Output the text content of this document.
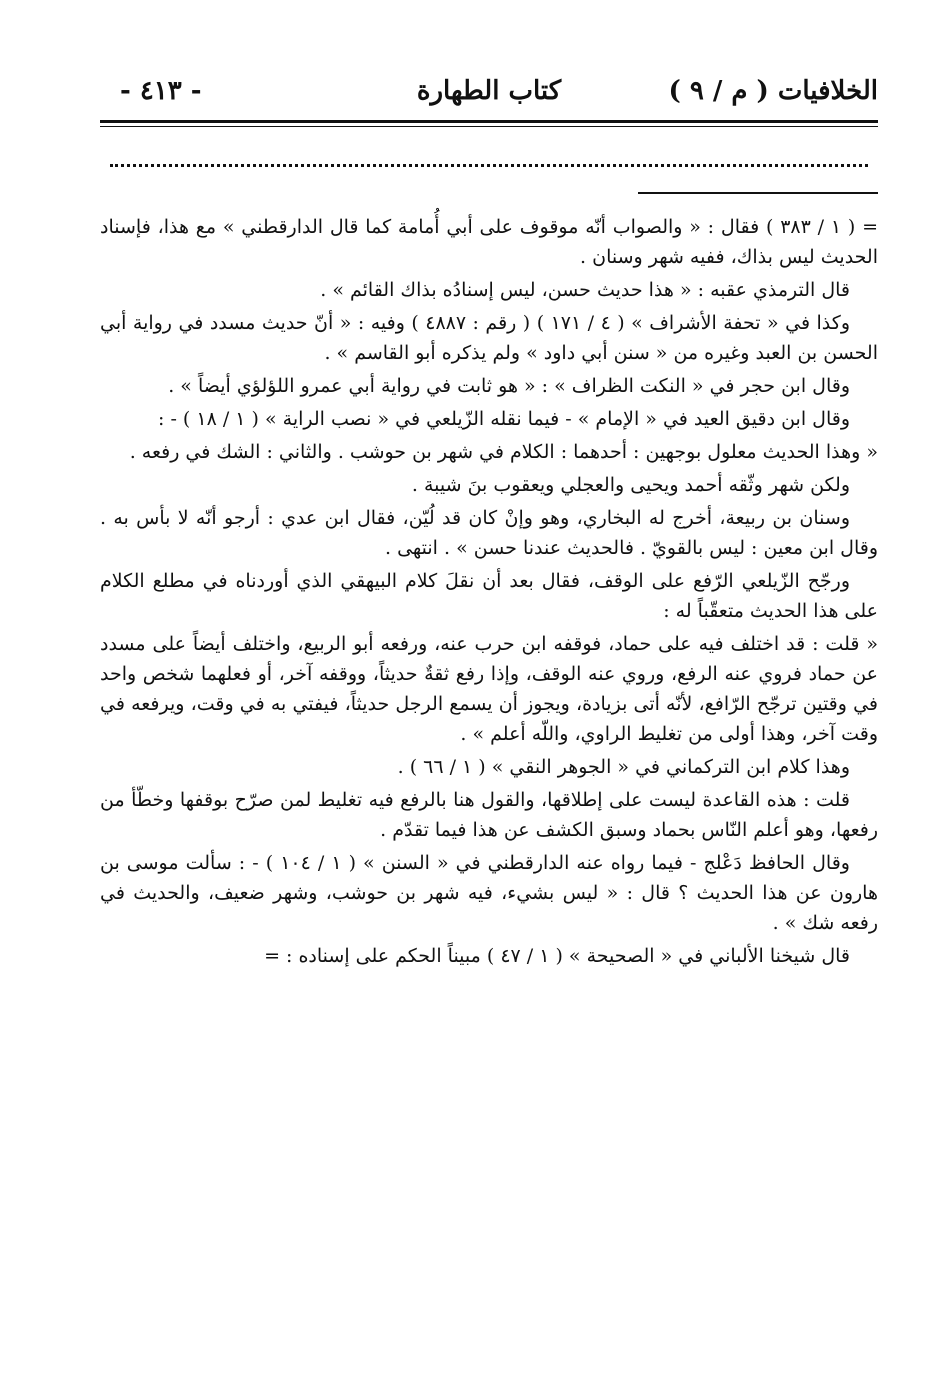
الخلافيات ( م / ٩ )
كتاب الطهارة
- ٤١٣ -

= ( ١ / ٣٨٣ ) فقال : « والصواب أنّه موقوف على أبي أُمامة كما قال الدارقطني » مع هذا، فإسناد الحديث ليس بذاك، ففيه شهر وسنان .

قال الترمذي عقبه : « هذا حديث حسن، ليس إسنادُه بذاك القائم » .

وكذا في « تحفة الأشراف » ( ٤ / ١٧١ ) ( رقم : ٤٨٨٧ ) وفيه : « أنّ حديث مسدد في رواية أبي الحسن بن العبد وغيره من « سنن أبي داود » ولم يذكره أبو القاسم » .

وقال ابن حجر في « النكت الظراف » : « هو ثابت في رواية أبي عمرو اللؤلؤي أيضاً » .

وقال ابن دقيق العيد في « الإمام » - فيما نقله الزّيلعي في « نصب الراية » ( ١ / ١٨ ) - :

« وهذا الحديث معلول بوجهين : أحدهما : الكلام في شهر بن حوشب . والثاني : الشك في رفعه .

ولكن شهر وثّقه أحمد ويحيى والعجلي ويعقوب بنَ شيبة .

وسنان بن ربيعة، أخرج له البخاري، وهو وإنْ كان قد لُيّن، فقال ابن عدي : أرجو أنّه لا بأس به . وقال ابن معين : ليس بالقويّ . فالحديث عندنا حسن » . انتهى .

ورجّح الزّيلعي الرّفع على الوقف، فقال بعد أن نقلَ كلام البيهقي الذي أوردناه في مطلع الكلام على هذا الحديث متعقّباً له :

« قلت : قد اختلف فيه على حماد، فوقفه ابن حرب عنه، ورفعه أبو الربيع، واختلف أيضاً على مسدد عن حماد فروي عنه الرفع، وروي عنه الوقف، وإذا رفع ثقةٌ حديثاً، ووقفه آخر، أو فعلهما شخص واحد في وقتين ترجّح الرّافع، لأنّه أتى بزيادة، ويجوز أن يسمع الرجل حديثاً، فيفتي به في وقت، ويرفعه في وقت آخر، وهذا أولى من تغليط الراوي، واللّه أعلم » .

وهذا كلام ابن التركماني في « الجوهر النقي » ( ١ / ٦٦ ) .

قلت : هذه القاعدة ليست على إطلاقها، والقول هنا بالرفع فيه تغليط لمن صرّح بوقفها وخطّأ من رفعها، وهو أعلم النّاس بحماد وسبق الكشف عن هذا فيما تقدّم .

وقال الحافظ دَعْلج - فيما رواه عنه الدارقطني في « السنن » ( ١ / ١٠٤ ) - : سألت موسى بن هارون عن هذا الحديث ؟ قال : « ليس بشيء، فيه شهر بن حوشب، وشهر ضعيف، والحديث في رفعه شك » .

قال شيخنا الألباني في « الصحيحة » ( ١ / ٤٧ ) مبيناً الحكم على إسناده : =
